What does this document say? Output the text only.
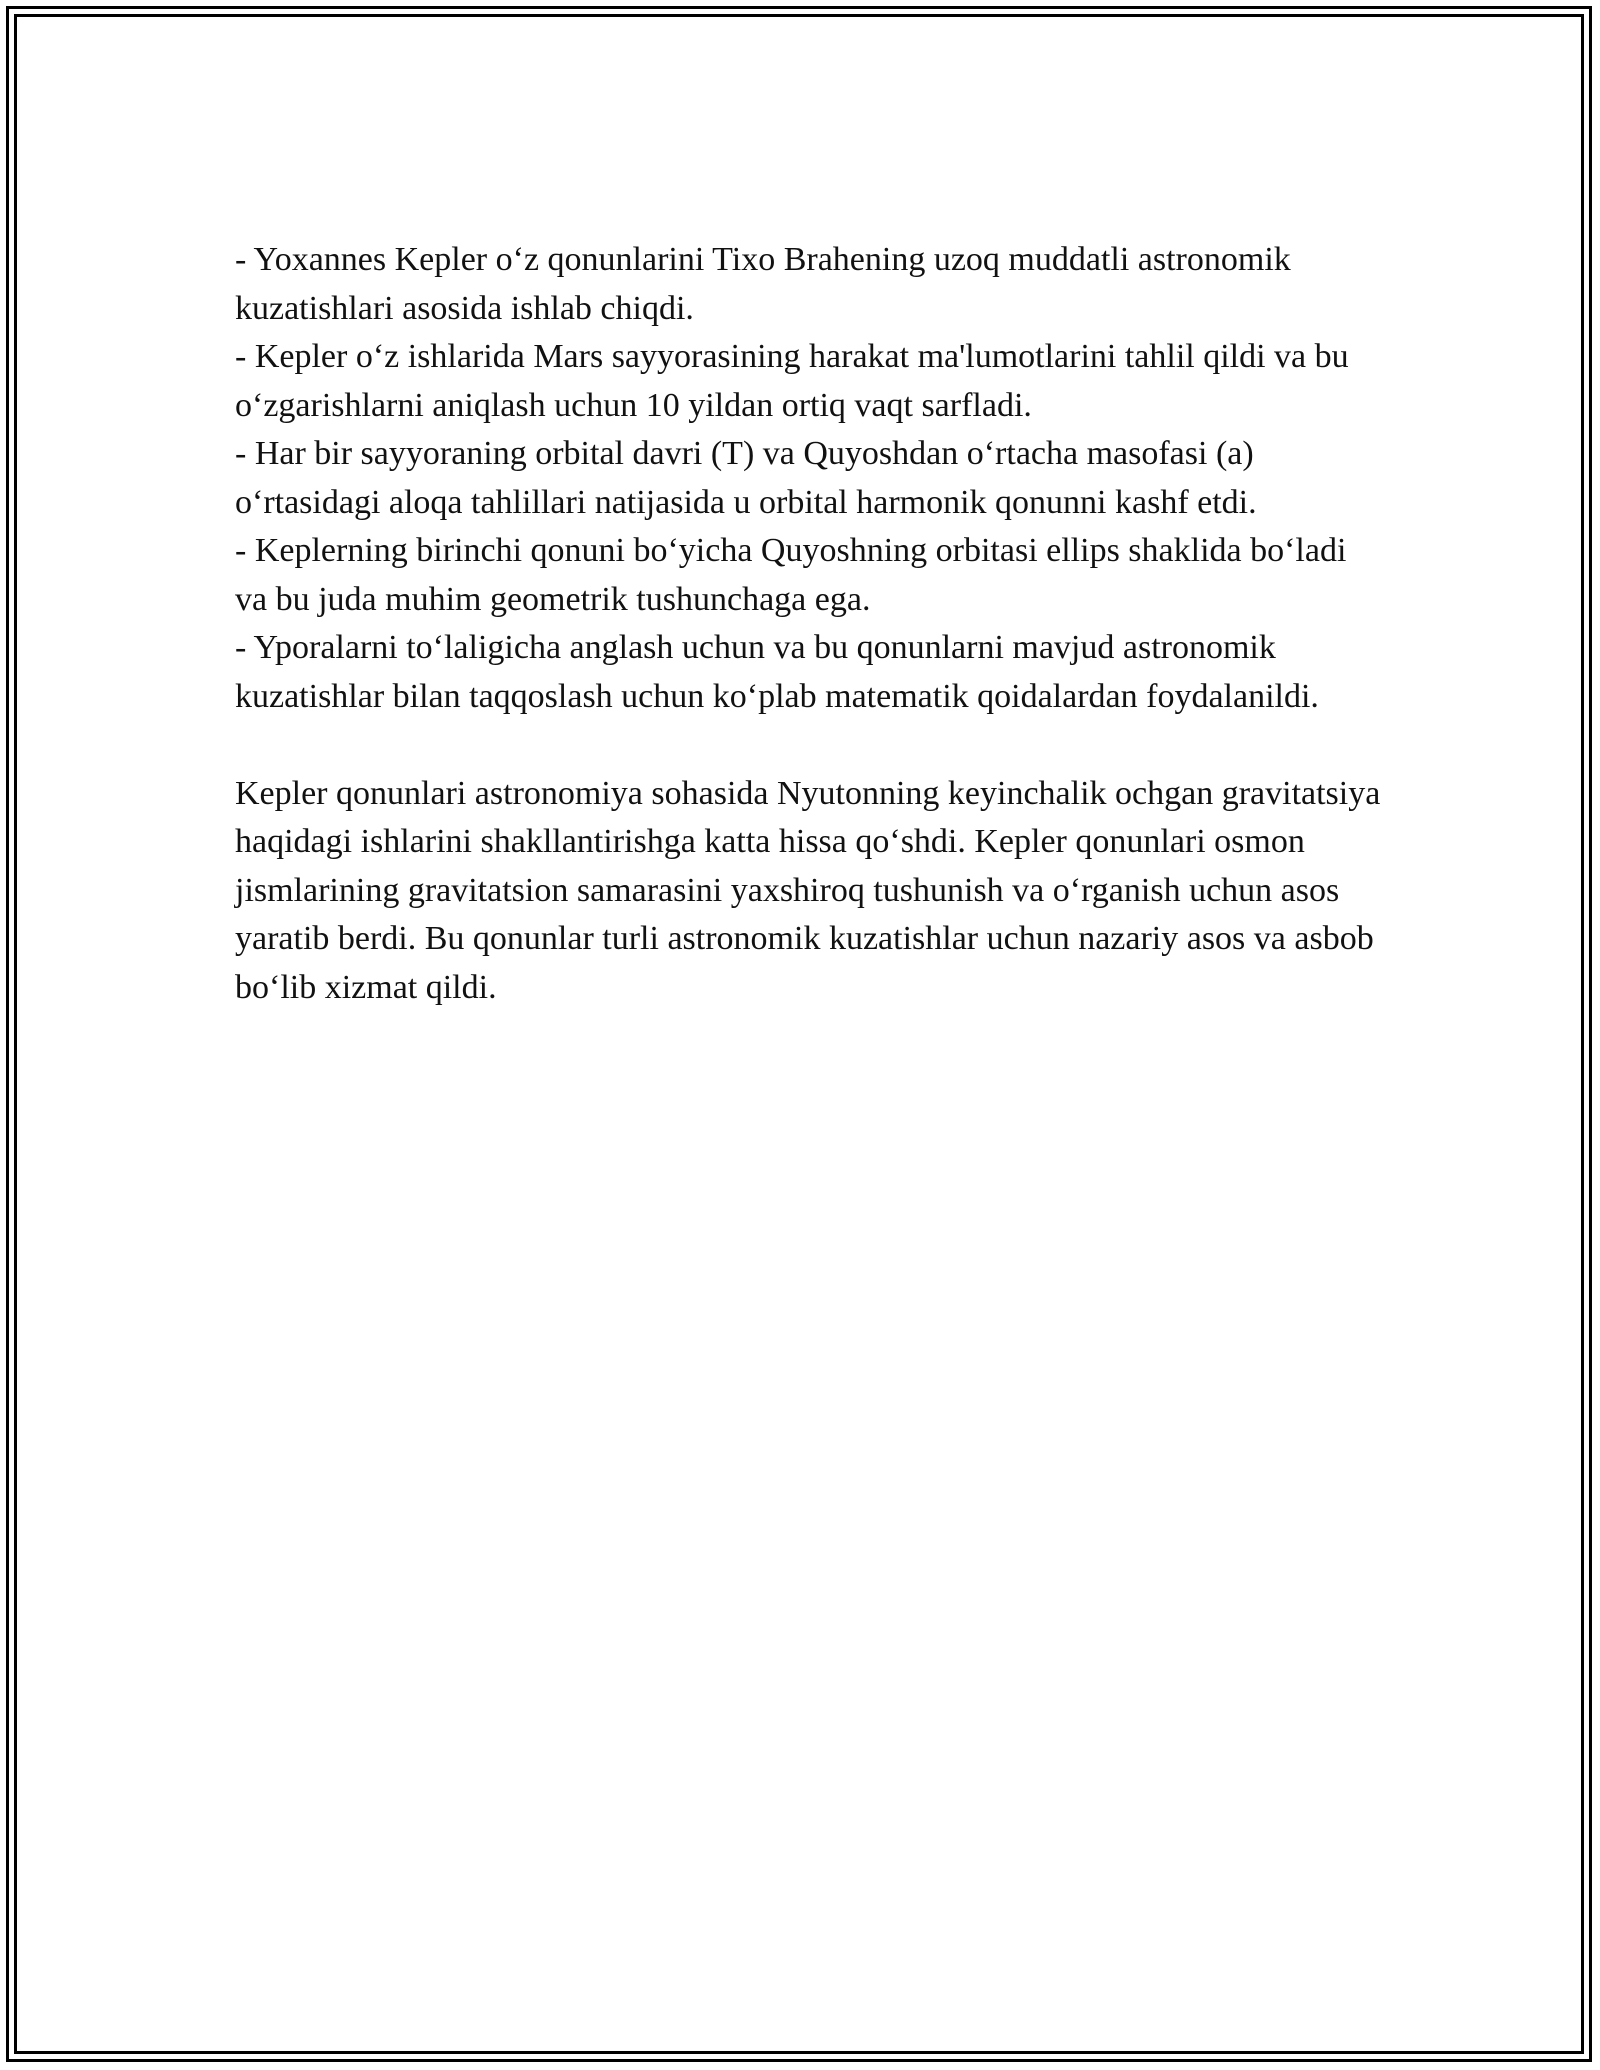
- Yoxannes Kepler o‘z qonunlarini Tixo Brahening uzoq muddatli astronomik kuzatishlari asosida ishlab chiqdi.

- Kepler o‘z ishlarida Mars sayyorasining harakat ma'lumotlarini tahlil qildi va bu o‘zgarishlarni aniqlash uchun 10 yildan ortiq vaqt sarfladi.

- Har bir sayyoraning orbital davri (T) va Quyoshdan o‘rtacha masofasi (a) o‘rtasidagi aloqa tahlillari natijasida u orbital harmonik qonunni kashf etdi.

- Keplerning birinchi qonuni bo‘yicha Quyoshning orbitasi ellips shaklida bo‘ladi va bu juda muhim geometrik tushunchaga ega.

- Yporalarni to‘laligicha anglash uchun va bu qonunlarni mavjud astronomik kuzatishlar bilan taqqoslash uchun ko‘plab matematik qoidalardan foydalanildi.

Kepler qonunlari astronomiya sohasida Nyutonning keyinchalik ochgan gravitatsiya haqidagi ishlarini shakllantirishga katta hissa qo‘shdi. Kepler qonunlari osmon jismlarining gravitatsion samarasini yaxshiroq tushunish va o‘rganish uchun asos yaratib berdi. Bu qonunlar turli astronomik kuzatishlar uchun nazariy asos va asbob bo‘lib xizmat qildi.
